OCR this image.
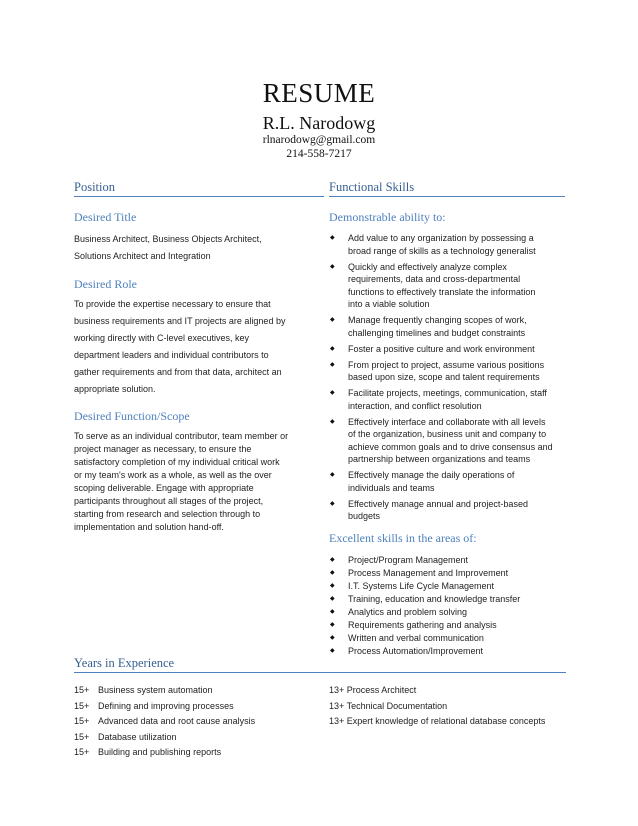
RESUME
R.L. Narodowg
rlnarodowg@gmail.com
214-558-7217
Position
Desired Title
Business Architect, Business Objects Architect,
Solutions Architect and Integration
Desired Role
To provide the expertise necessary to ensure that
business requirements and IT projects are aligned by
working directly with C-level executives, key
department leaders and individual contributors to
gather requirements and from that data, architect an
appropriate solution.
Desired Function/Scope
To serve as an individual contributor, team member or
project manager as necessary, to ensure the
satisfactory completion of my individual critical work
or my team's work as a whole, as well as the over
scoping deliverable. Engage with appropriate
participants throughout all stages of the project,
starting from research and selection through to
implementation and solution hand-off.
Functional Skills
Demonstrable ability to:
◆ Add value to any organization by possessing a
broad range of skills as a technology generalist
◆ Quickly and effectively analyze complex
requirements, data and cross-departmental
functions to effectively translate the information
into a viable solution
◆ Manage frequently changing scopes of work,
challenging timelines and budget constraints
◆ Foster a positive culture and work environment
◆ From project to project, assume various positions
based upon size, scope and talent requirements
◆ Facilitate projects, meetings, communication, staff
interaction, and conflict resolution
◆ Effectively interface and collaborate with all levels
of the organization, business unit and company to
achieve common goals and to drive consensus and
partnership between organizations and teams
◆ Effectively manage the daily operations of
individuals and teams
◆ Effectively manage annual and project-based
budgets
Excellent skills in the areas of:
◆ Project/Program Management
◆ Process Management and Improvement
◆ I.T. Systems Life Cycle Management
◆ Training, education and knowledge transfer
◆ Analytics and problem solving
◆ Requirements gathering and analysis
◆ Written and verbal communication
◆ Process Automation/Improvement
Years in Experience
15+ Business system automation
15+ Defining and improving processes
15+ Advanced data and root cause analysis
15+ Database utilization
15+ Building and publishing reports
13+ Process Architect
13+ Technical Documentation
13+ Expert knowledge of relational database concepts
